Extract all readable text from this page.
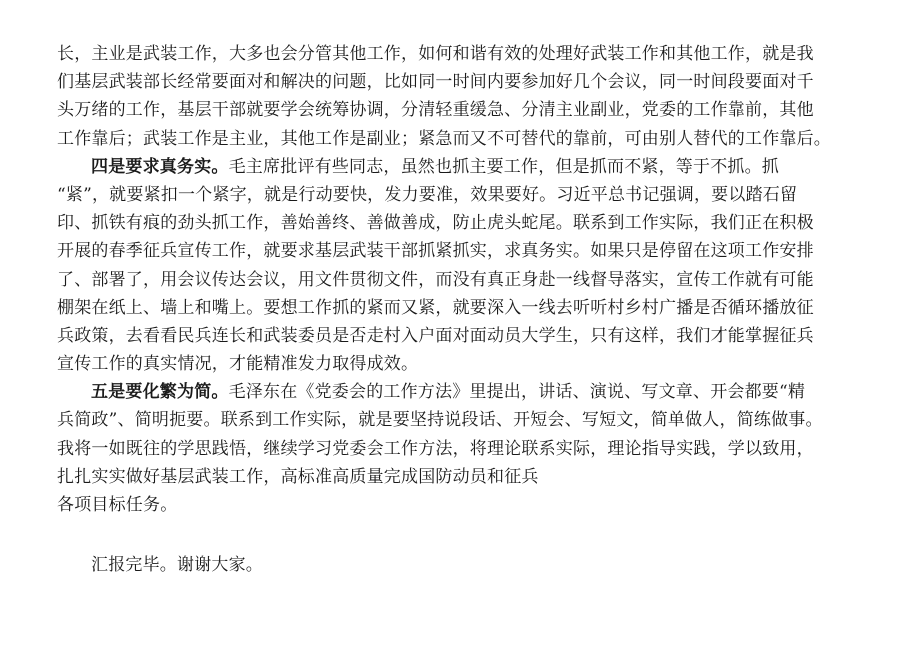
长，主业是武装工作，大多也会分管其他工作，如何和谐有效的处理好武装工作和其他工作，就是我
们基层武装部长经常要面对和解决的问题，比如同一时间内要参加好几个会议，同一时间段要面对千
头万绪的工作，基层干部就要学会统筹协调，分清轻重缓急、分清主业副业，党委的工作靠前，其他
工作靠后；武装工作是主业，其他工作是副业；紧急而又不可替代的靠前，可由别人替代的工作靠后。
四是要求真务实。毛主席批评有些同志，虽然也抓主要工作，但是抓而不紧，等于不抓。抓
“紧”，就要紧扣一个紧字，就是行动要快，发力要准，效果要好。习近平总书记强调，要以踏石留
印、抓铁有痕的劲头抓工作，善始善终、善做善成，防止虎头蛇尾。联系到工作实际，我们正在积极
开展的春季征兵宣传工作，就要求基层武装干部抓紧抓实，求真务实。如果只是停留在这项工作安排
了、部署了，用会议传达会议，用文件贯彻文件，而没有真正身赴一线督导落实，宣传工作就有可能
棚架在纸上、墙上和嘴上。要想工作抓的紧而又紧，就要深入一线去听听村乡村广播是否循环播放征
兵政策，去看看民兵连长和武装委员是否走村入户面对面动员大学生，只有这样，我们才能掌握征兵
宣传工作的真实情况，才能精准发力取得成效。
五是要化繁为简。毛泽东在《党委会的工作方法》里提出，讲话、演说、写文章、开会都要“精
兵简政”、简明扼要。联系到工作实际，就是要坚持说段话、开短会、写短文，简单做人，简练做事。
我将一如既往的学思践悟，继续学习党委会工作方法，将理论联系实际，理论指导实践，学以致用，
扎扎实实做好基层武装工作，高标准高质量完成国防动员和征兵
各项目标任务。
汇报完毕。谢谢大家。
